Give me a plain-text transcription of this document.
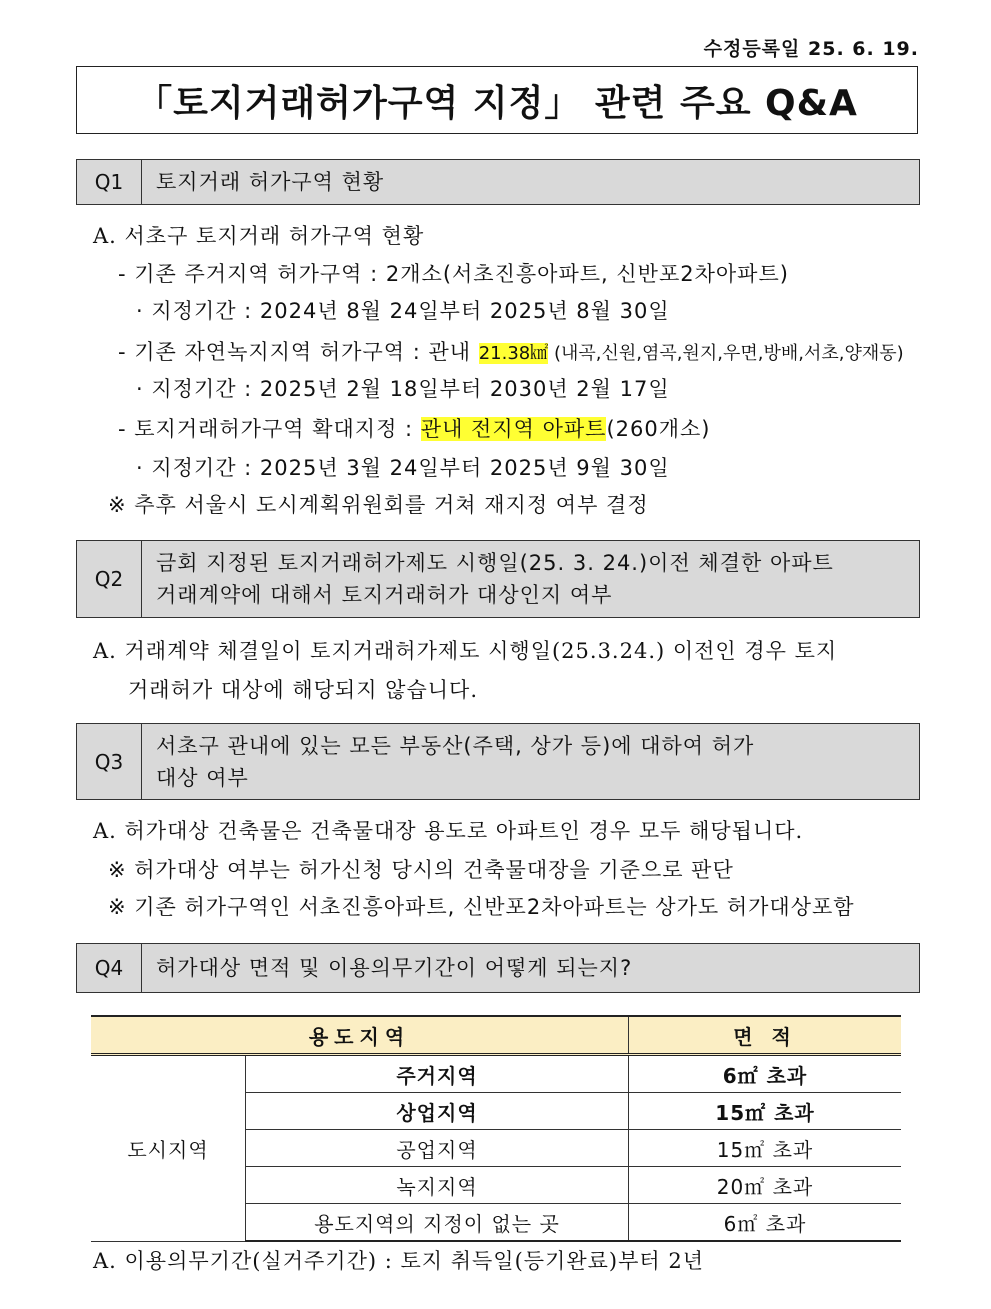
수정등록일 25. 6. 19.
「토지거래허가구역 지정」 관련 주요 Q&A
Q1	토지거래 허가구역 현황
A. 서초구 토지거래 허가구역 현황
- 기존 주거지역 허가구역 : 2개소(서초진흥아파트, 신반포2차아파트)
· 지정기간 : 2024년 8월 24일부터 2025년 8월 30일
- 기존 자연녹지지역 허가구역 : 관내 21.38㎢ (내곡,신원,염곡,원지,우면,방배,서초,양재동)
· 지정기간 : 2025년 2월 18일부터 2030년 2월 17일
- 토지거래허가구역 확대지정 : 관내 전지역 아파트(260개소)
· 지정기간 : 2025년 3월 24일부터 2025년 9월 30일
※ 추후 서울시 도시계획위원회를 거쳐 재지정 여부 결정
Q2
금회 지정된 토지거래허가제도 시행일(25. 3. 24.)이전 체결한 아파트
거래계약에 대해서 토지거래허가 대상인지 여부
A. 거래계약 체결일이 토지거래허가제도 시행일(25.3.24.) 이전인 경우 토지
거래허가 대상에 해당되지 않습니다.
Q3
서초구 관내에 있는 모든 부동산(주택, 상가 등)에 대하여 허가
대상 여부
A. 허가대상 건축물은 건축물대장 용도로 아파트인 경우 모두 해당됩니다.
※ 허가대상 여부는 허가신청 당시의 건축물대장을 기준으로 판단
※ 기존 허가구역인 서초진흥아파트, 신반포2차아파트는 상가도 허가대상포함
Q4	허가대상 면적 및 이용의무기간이 어떻게 되는지?
용도지역		면 적
도시지역	주거지역	6㎡ 초과
	상업지역	15㎡ 초과
	공업지역	15㎡ 초과
	녹지지역	20㎡ 초과
	용도지역의 지정이 없는 곳	6㎡ 초과
A. 이용의무기간(실거주기간) : 토지 취득일(등기완료)부터 2년
